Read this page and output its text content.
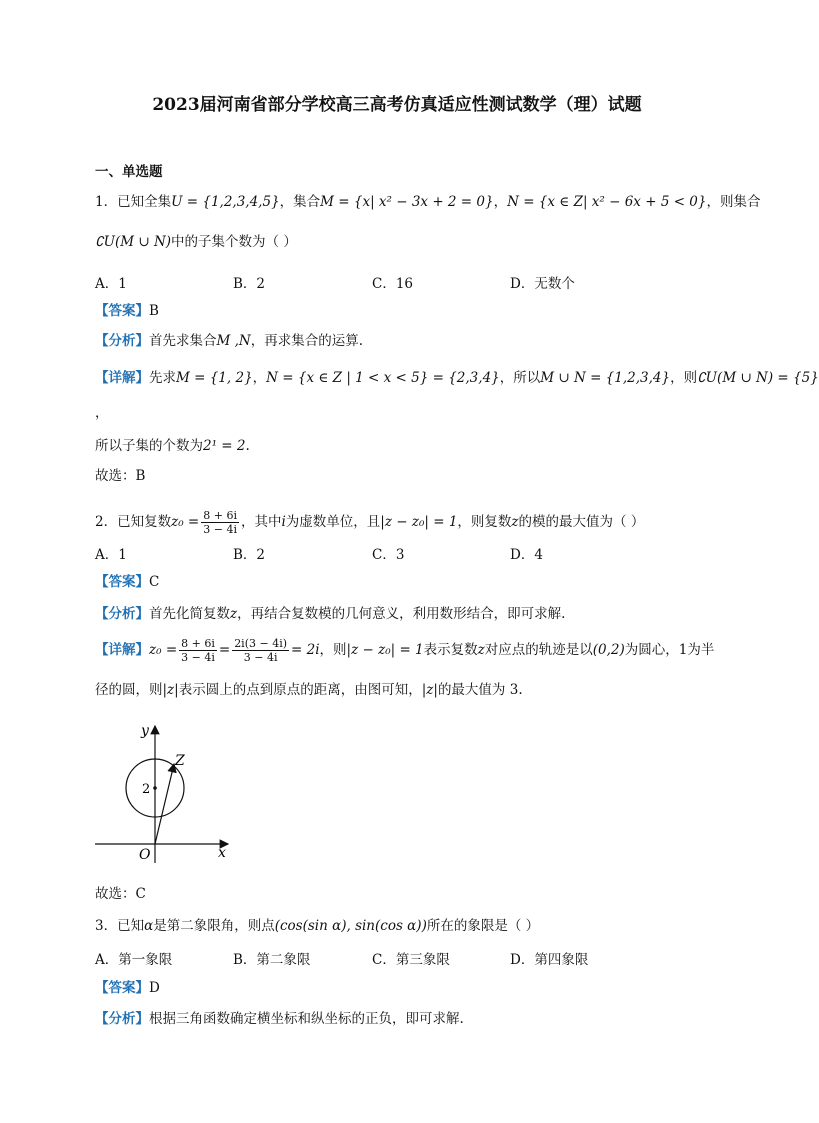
2023届河南省部分学校高三高考仿真适应性测试数学（理）试题
一、单选题
1．已知全集U = {1,2,3,4,5}，集合M = {x| x² − 3x + 2 = 0}，N = {x ∈ Z| x² − 6x + 5 < 0}，则集合
∁U(M ∪ N)中的子集个数为（ ）
A．1	B．2	C．16	D．无数个
【答案】B
【分析】首先求集合M ,N，再求集合的运算.
【详解】先求M = {1, 2}，N = {x ∈ Z | 1 < x < 5} = {2,3,4}，所以M ∪ N = {1,2,3,4}，则∁U(M ∪ N) = {5}
，
所以子集的个数为2¹ = 2.
故选：B
2．已知复数$z_0 = \frac{8 + 6i}{3 - 4i}$ ，其中i为虚数单位，且|z − z₀| = 1，则复数z的模的最大值为（ ）
A．1	B．2	C．3	D．4
【答案】C
【分析】首先化简复数z，再结合复数模的几何意义，利用数形结合，即可求解.
【详解】$z_0 = \frac{8 + 6i}{3 - 4i} = \frac{2i(3 - 4i)}{3 - 4i} = 2i$，则|z − z₀| = 1表示复数z对应点的轨迹是以(0,2)为圆心，1为半
径的圆，则|z|表示圆上的点到原点的距离，由图可知，|z|的最大值为 3.
y
x
O
Z
2
故选：C
3．已知α是第二象限角，则点(cos(sin α), sin(cos α))所在的象限是（ ）
A．第一象限	B．第二象限	C．第三象限	D．第四象限
【答案】D
【分析】根据三角函数确定横坐标和纵坐标的正负，即可求解.
